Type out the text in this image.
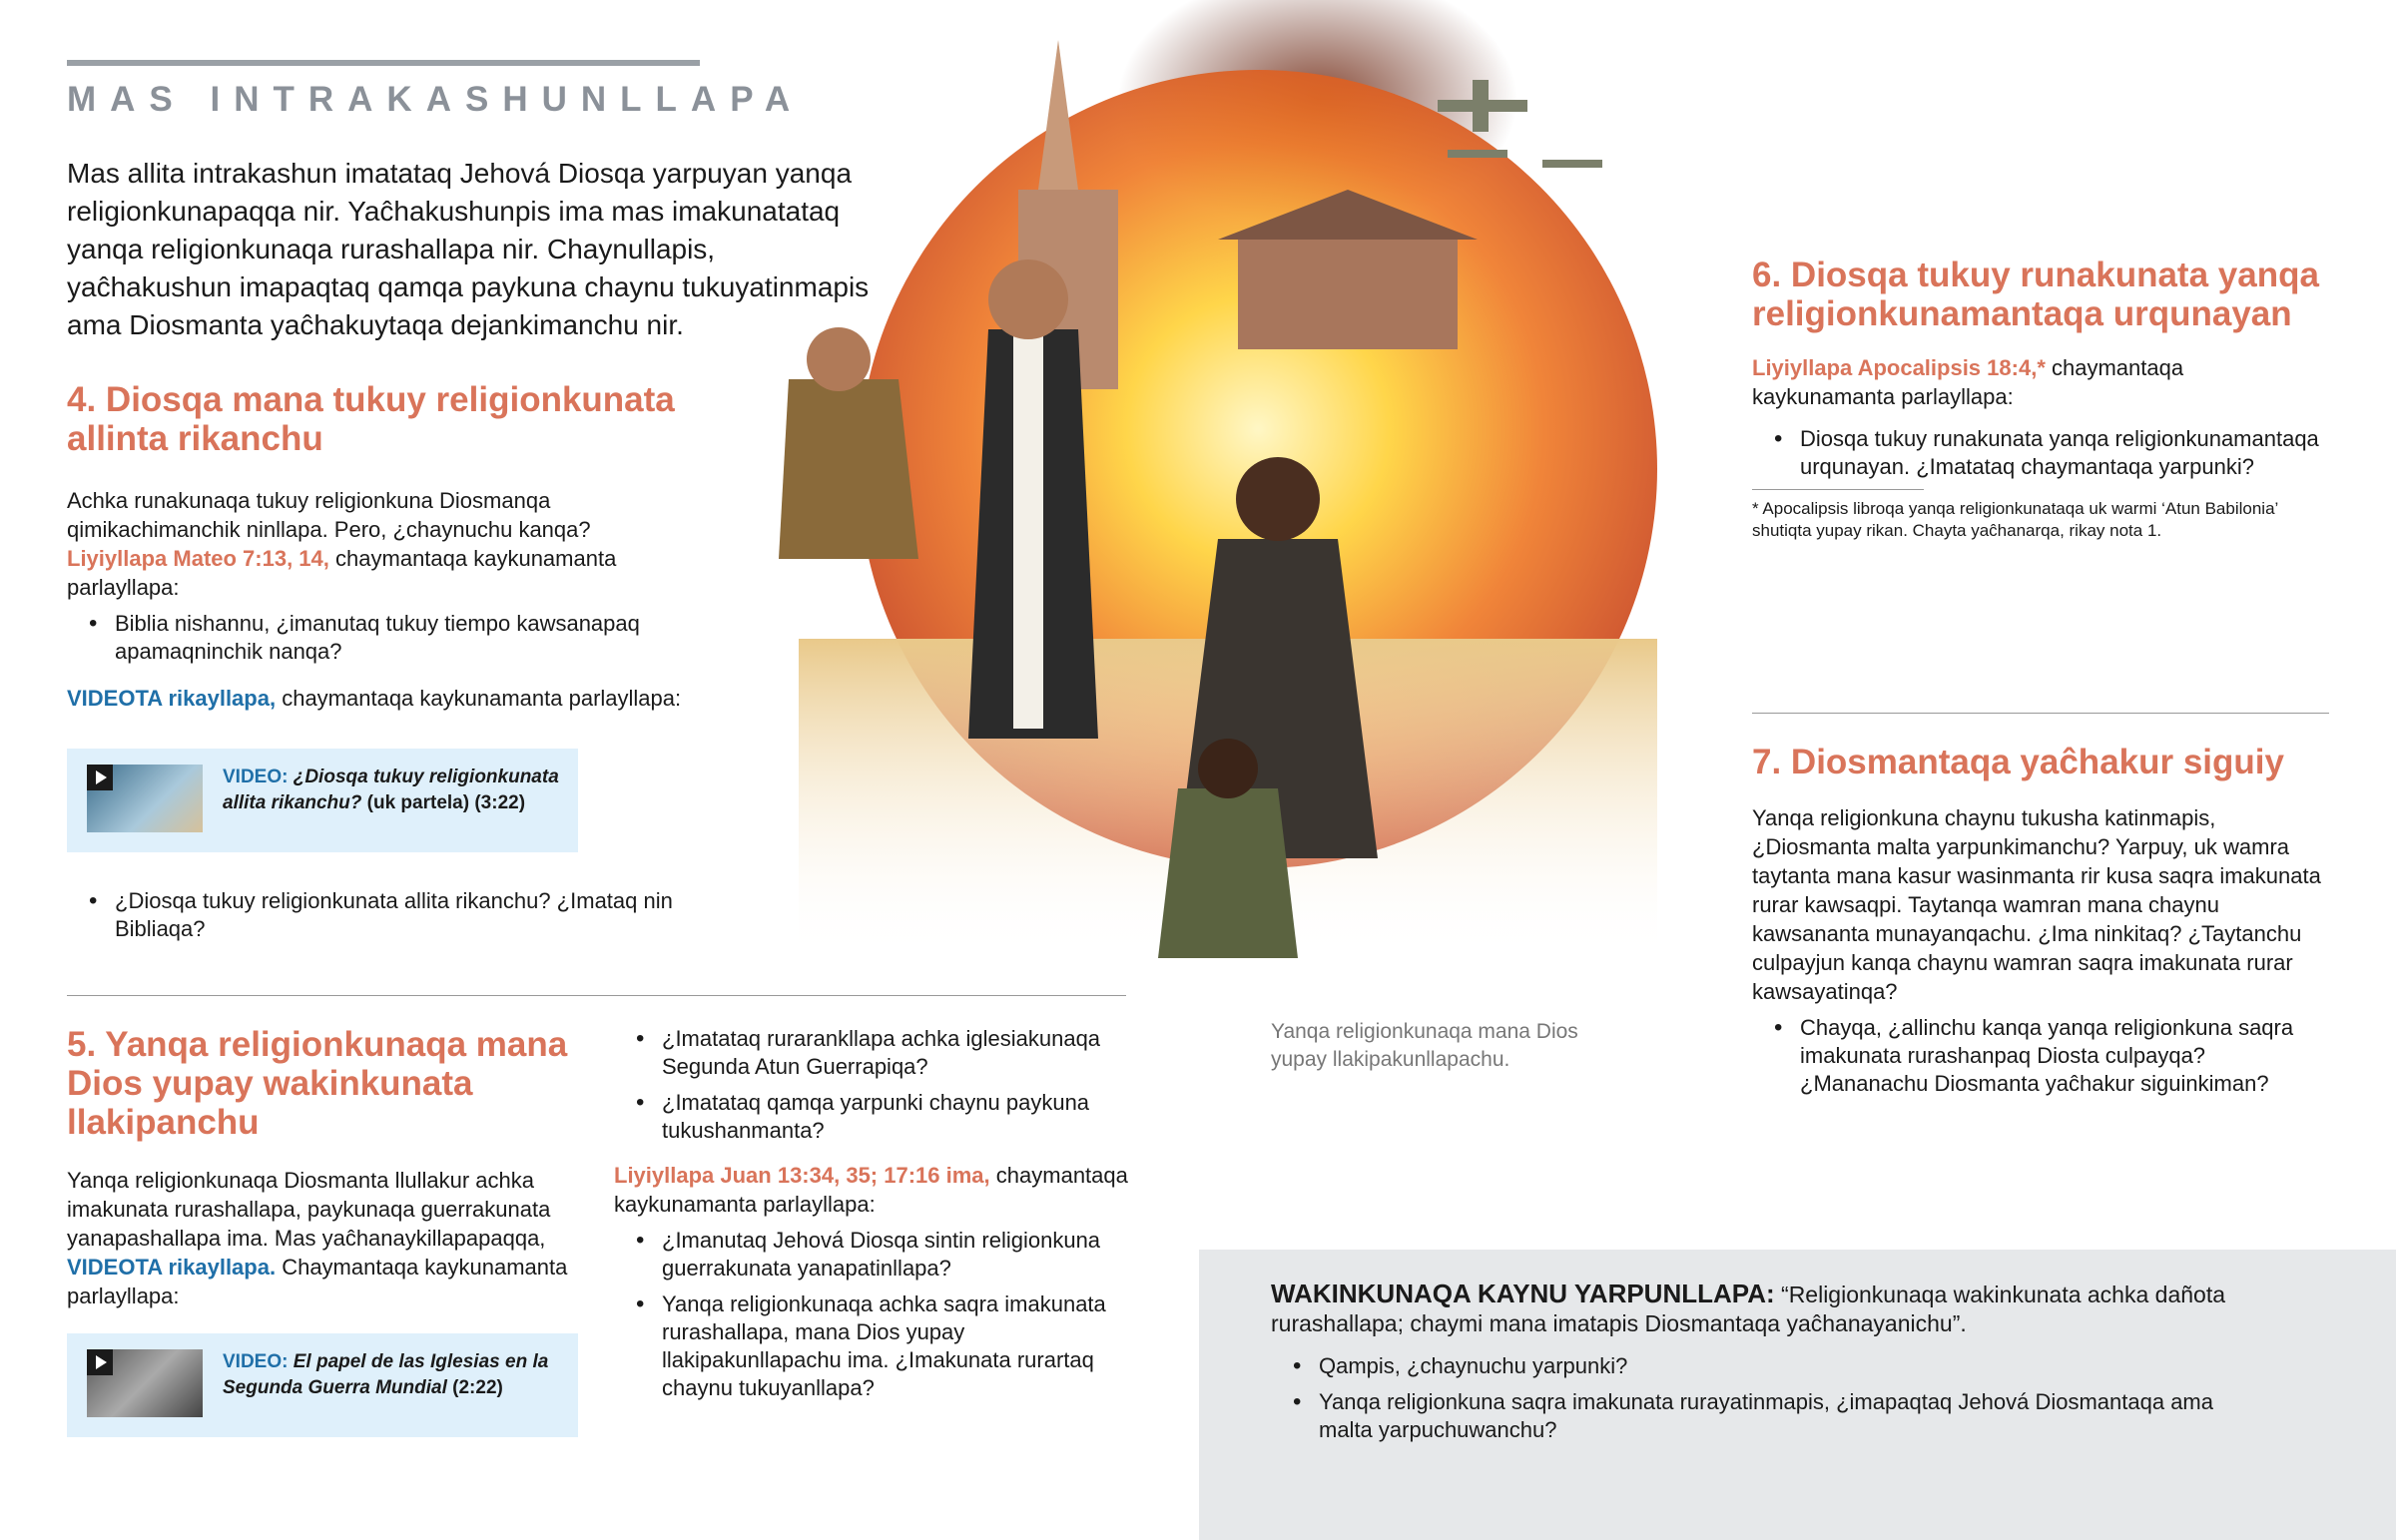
MAS INTRAKASHUNLLAPA
Mas allita intrakashun imatataq Jehová Diosqa yarpuyan yanqa religionkunapaqqa nir. Yaĉhakushunpis ima mas imakunatataq yanqa religionkunaqa rurashallapa nir. Chaynullapis, yaĉhakushun imapaqtaq qamqa paykuna chaynu tukuyatinmapis ama Diosmanta yaĉhakuytaqa dejankimanchu nir.
4. Diosqa mana tukuy religionkunata allinta rikanchu
Achka runakunaqa tukuy religionkuna Diosmanqa qimikachimanchik ninllapa. Pero, ¿chaynuchu kanqa?
Liyiyllapa Mateo 7:13, 14, chaymantaqa kaykunamanta parlayllapa:
• Biblia nishannu, ¿imanutaq tukuy tiempo kawsanapaq apamaqninchik nanqa?
VIDEOTA rikayllapa, chaymantaqa kaykunamanta parlayllapa:
VIDEO: ¿Diosqa tukuy religionkunata allita rikanchu? (uk partela) (3:22)
• ¿Diosqa tukuy religionkunata allita rikanchu? ¿Imataq nin Bibliaqa?
5. Yanqa religionkunaqa mana Dios yupay wakinkunata llakipanchu
Yanqa religionkunaqa Diosmanta llullakur achka imakunata rurashallapa, paykunaqa guerrakunata yanapashallapa ima. Mas yaĉhanaykillapapaqqa, VIDEOTA rikayllapa. Chaymantaqa kaykunamanta parlayllapa:
VIDEO: El papel de las Iglesias en la Segunda Guerra Mundial (2:22)
• ¿Imatataq rurarankllapa achka iglesiakunaqa Segunda Atun Guerrapiqa?
• ¿Imatataq qamqa yarpunki chaynu paykuna tukushanmanta?
Liyiyllapa Juan 13:34, 35; 17:16 ima, chaymantaqa kaykunamanta parlayllapa:
• ¿Imanutaq Jehová Diosqa sintin religionkuna guerrakunata yanapatinllapa?
• Yanqa religionkunaqa achka saqra imakunata rurashallapa, mana Dios yupay llakipakunllapachu ima. ¿Imakunata rurartaq chaynu tukuyanllapa?
Yanqa religionkunaqa mana Dios yupay llakipakunllapachu.
6. Diosqa tukuy runakunata yanqa religionkunamantaqa urqunayan
Liyiyllapa Apocalipsis 18:4,* chaymantaqa kaykunamanta parlayllapa:
• Diosqa tukuy runakunata yanqa religionkunamantaqa urqunayan. ¿Imatataq chaymantaqa yarpunki?
* Apocalipsis libroqa yanqa religionkunataqa uk warmi ‘Atun Babilonia’ shutiqta yupay rikan. Chayta yaĉhanarqa, rikay nota 1.
7. Diosmantaqa yaĉhakur siguiy
Yanqa religionkuna chaynu tukusha katinmapis, ¿Diosmanta malta yarpunkimanchu? Yarpuy, uk wamra taytanta mana kasur wasinmanta rir kusa saqra imakunata rurar kawsaqpi. Taytanqa wamran mana chaynu kawsananta munayanqachu. ¿Ima ninkitaq? ¿Taytanchu culpayjun kanqa chaynu wamran saqra imakunata rurar kawsayatinqa?
• Chayqa, ¿allinchu kanqa yanqa religionkuna saqra imakunata rurashanpaq Diosta culpayqa? ¿Mananachu Diosmanta yaĉhakur siguinkiman?
WAKINKUNAQA KAYNU YARPUNLLAPA: “Religionkunaqa wakinkunata achka dañota rurashallapa; chaymi mana imatapis Diosmantaqa yaĉhanayanichu”.
• Qampis, ¿chaynuchu yarpunki?
• Yanqa religionkuna saqra imakunata rurayatinmapis, ¿imapaqtaq Jehová Diosmantaqa ama malta yarpuchuwanchu?
